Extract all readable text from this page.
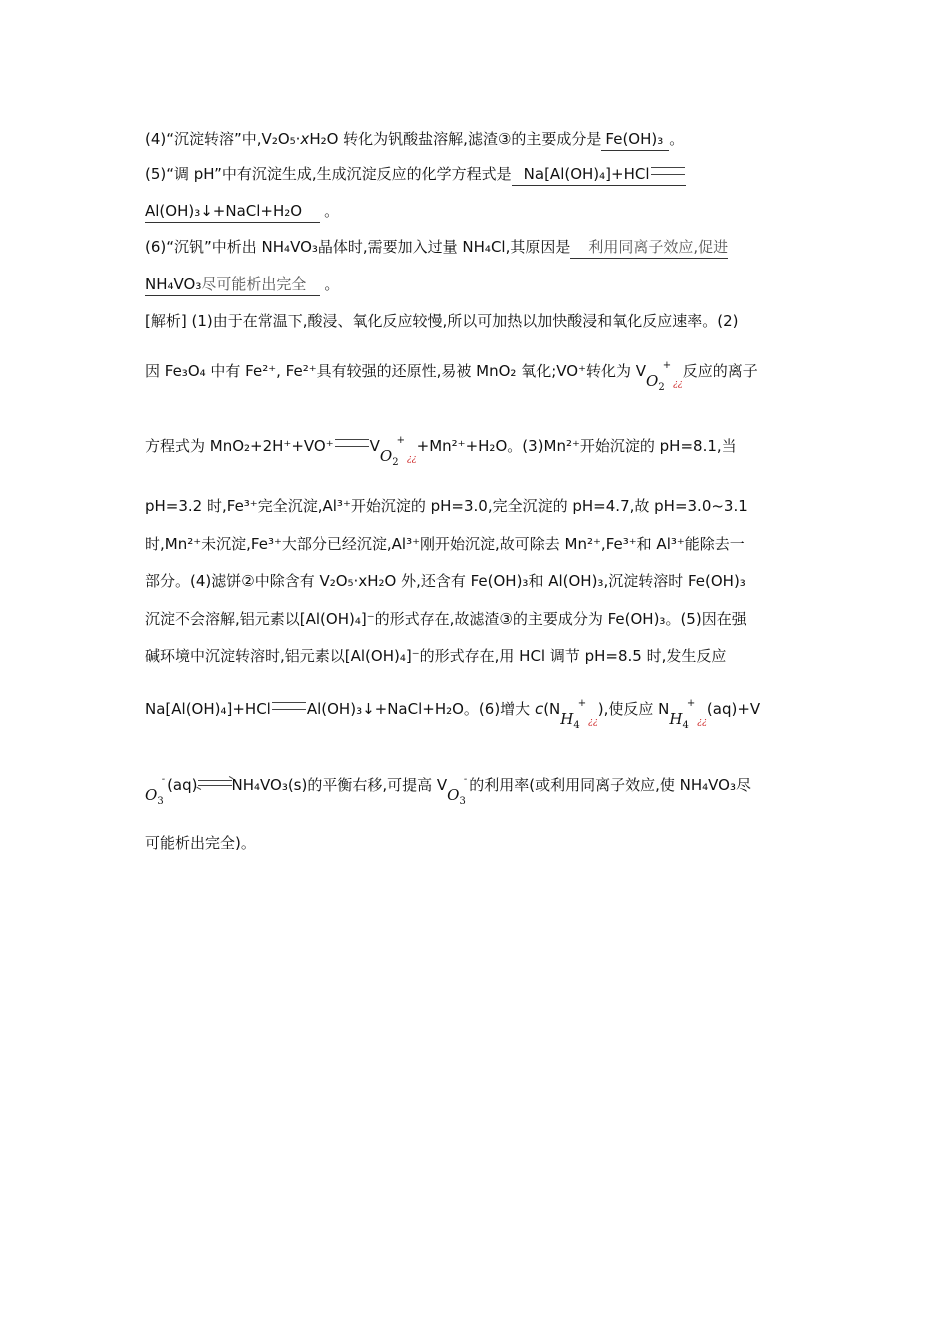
(4)“沉淀转溶”中,V₂O₅·xH₂O 转化为钒酸盐溶解,滤渣③的主要成分是 Fe(OH)₃ 。
(5)“调 pH”中有沉淀生成,生成沉淀反应的化学方程式是 Na[Al(OH)₄]+HCl
Al(OH)₃↓+NaCl+H₂O 。
(6)“沉钒”中析出 NH₄VO₃晶体时,需要加入过量 NH₄Cl,其原因是 利用同离子效应,促进
NH₄VO₃尽可能析出完全 。
[解析] (1)由于在常温下,酸浸、氧化反应较慢,所以可加热以加快酸浸和氧化反应速率。(2)
因 Fe₃O₄ 中有 Fe²⁺, Fe²⁺具有较强的还原性,易被 MnO₂ 氧化;VO⁺转化为 $VO_2^+¿¿$反应的离子
方程式为 MnO₂+2H⁺+VO⁺ $VO_2^+¿¿+Mn^{2+}+H_2O$。(3)Mn²⁺开始沉淀的 pH=8.1,当
pH=3.2 时,Fe³⁺完全沉淀,Al³⁺开始沉淀的 pH=3.0,完全沉淀的 pH=4.7,故 pH=3.0~3.1
时,Mn²⁺未沉淀,Fe³⁺大部分已经沉淀,Al³⁺刚开始沉淀,故可除去 Mn²⁺,Fe³⁺和 Al³⁺能除去一
部分。(4)滤饼②中除含有 V₂O₅·xH₂O 外,还含有 Fe(OH)₃和 Al(OH)₃,沉淀转溶时 Fe(OH)₃
沉淀不会溶解,铝元素以[Al(OH)₄]⁻的形式存在,故滤渣③的主要成分为 Fe(OH)₃。(5)因在强
碱环境中沉淀转溶时,铝元素以[Al(OH)₄]⁻的形式存在,用 HCl 调节 pH=8.5 时,发生反应
Na[Al(OH)₄]+HCl Al(OH)₃↓+NaCl+H₂O。(6)增大 $c(NH_4^+¿¿)$,使反应 $NH_4^+¿¿(aq)+V$
$O_3^-$ (aq)→NH₄VO₃(s)的平衡右移,可提高 $VO_3^-$ 的利用率(或利用同离子效应,使 NH₄VO₃尽
可能析出完全)。
